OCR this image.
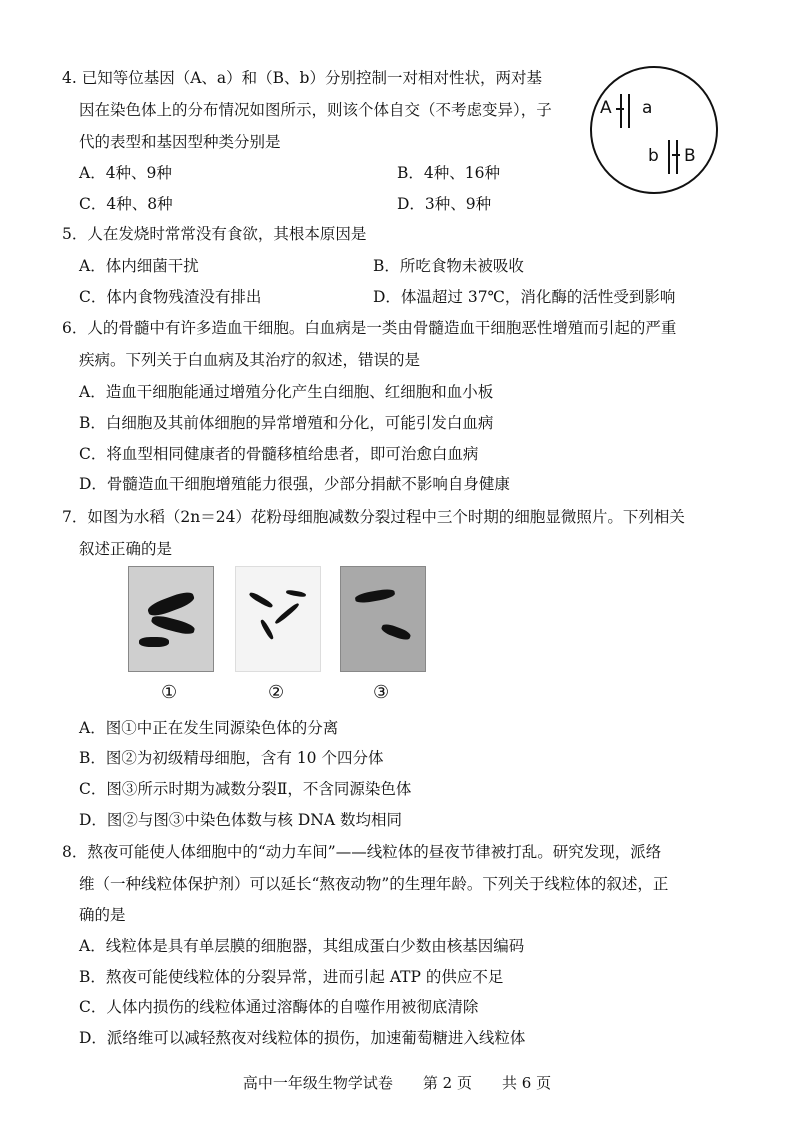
4. 已知等位基因（A、a）和（B、b）分别控制一对相对性状，两对基
因在染色体上的分布情况如图所示，则该个体自交（不考虑变异），子
代的表型和基因型种类分别是
A．4种、9种	B．4种、16种
C．4种、8种	D．3种、9种
A a
b B
5．人在发烧时常常没有食欲，其根本原因是
A．体内细菌干扰	B．所吃食物未被吸收
C．体内食物残渣没有排出	D．体温超过 37℃，消化酶的活性受到影响
6．人的骨髓中有许多造血干细胞。白血病是一类由骨髓造血干细胞恶性增殖而引起的严重
疾病。下列关于白血病及其治疗的叙述，错误的是
A．造血干细胞能通过增殖分化产生白细胞、红细胞和血小板
B．白细胞及其前体细胞的异常增殖和分化，可能引发白血病
C．将血型相同健康者的骨髓移植给患者，即可治愈白血病
D．骨髓造血干细胞增殖能力很强，少部分捐献不影响自身健康
7．如图为水稻（2n＝24）花粉母细胞减数分裂过程中三个时期的细胞显微照片。下列相关
叙述正确的是
①	②	③
A．图①中正在发生同源染色体的分离
B．图②为初级精母细胞，含有 10 个四分体
C．图③所示时期为减数分裂Ⅱ，不含同源染色体
D．图②与图③中染色体数与核 DNA 数均相同
8．熬夜可能使人体细胞中的“动力车间”——线粒体的昼夜节律被打乱。研究发现，派络
维（一种线粒体保护剂）可以延长“熬夜动物”的生理年龄。下列关于线粒体的叙述，正
确的是
A．线粒体是具有单层膜的细胞器，其组成蛋白少数由核基因编码
B．熬夜可能使线粒体的分裂异常，进而引起 ATP 的供应不足
C．人体内损伤的线粒体通过溶酶体的自噬作用被彻底清除
D．派络维可以减轻熬夜对线粒体的损伤，加速葡萄糖进入线粒体
高中一年级生物学试卷　　第 2 页　　共 6 页
